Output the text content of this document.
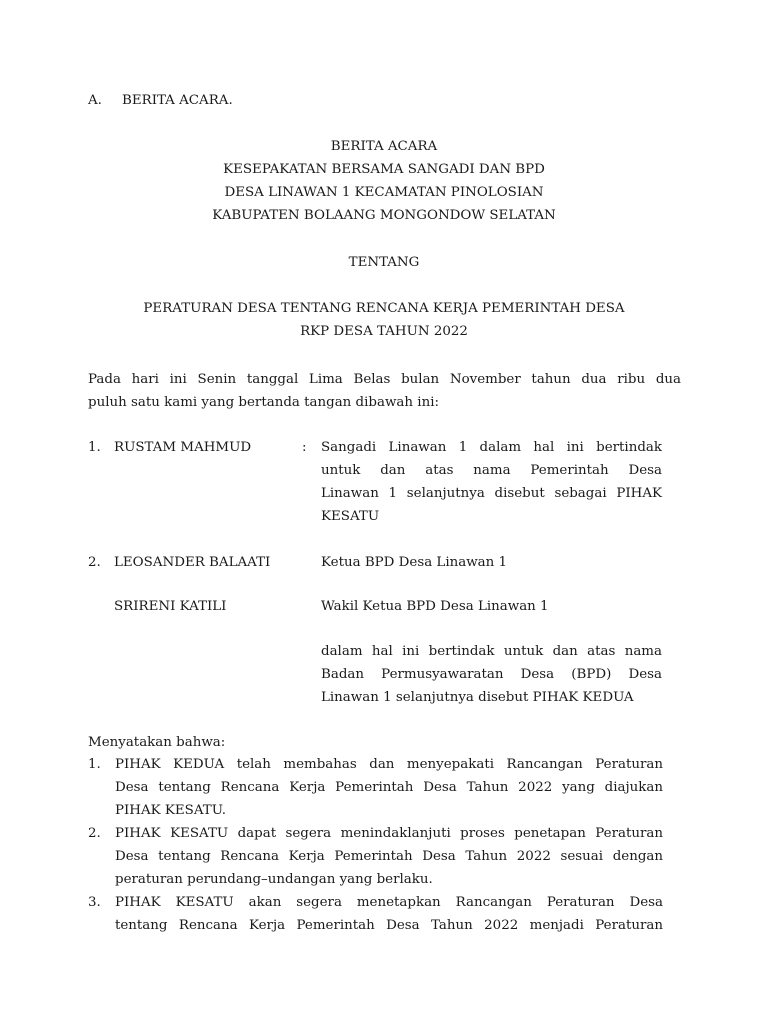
A. BERITA ACARA.
BERITA ACARA
KESEPAKATAN BERSAMA SANGADI DAN BPD
DESA LINAWAN 1 KECAMATAN PINOLOSIAN
KABUPATEN BOLAANG MONGONDOW SELATAN
TENTANG
PERATURAN DESA TENTANG RENCANA KERJA PEMERINTAH DESA
RKP DESA TAHUN 2022
Pada hari ini Senin tanggal Lima Belas bulan November tahun dua ribu dua
puluh satu kami yang bertanda tangan dibawah ini:
1. RUSTAM MAHMUD	: Sangadi Linawan 1 dalam hal ini bertindak
untuk dan atas nama Pemerintah Desa
Linawan 1 selanjutnya disebut sebagai PIHAK
KESATU
2. LEOSANDER BALAATI	Ketua BPD Desa Linawan 1
SRIRENI KATILI	Wakil Ketua BPD Desa Linawan 1
dalam hal ini bertindak untuk dan atas nama
Badan Permusyawaratan Desa (BPD) Desa
Linawan 1 selanjutnya disebut PIHAK KEDUA
Menyatakan bahwa:
1. PIHAK KEDUA telah membahas dan menyepakati Rancangan Peraturan
Desa tentang Rencana Kerja Pemerintah Desa Tahun 2022 yang diajukan
PIHAK KESATU.
2. PIHAK KESATU dapat segera menindaklanjuti proses penetapan Peraturan
Desa tentang Rencana Kerja Pemerintah Desa Tahun 2022 sesuai dengan
peraturan perundang–undangan yang berlaku.
3. PIHAK KESATU akan segera menetapkan Rancangan Peraturan Desa
tentang Rencana Kerja Pemerintah Desa Tahun 2022 menjadi Peraturan
